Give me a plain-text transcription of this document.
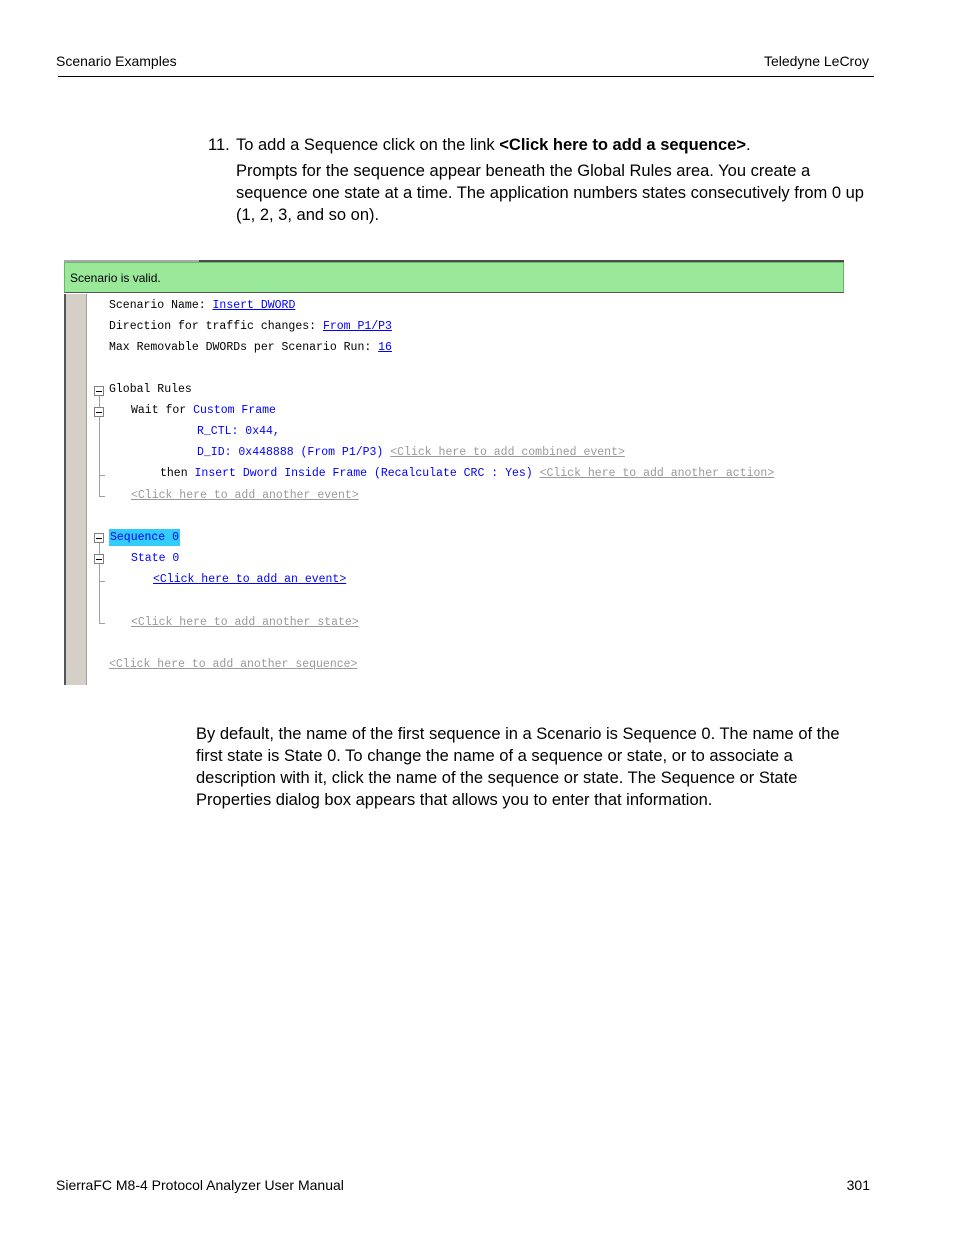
Scenario Examples	Teledyne LeCroy
11. To add a Sequence click on the link <Click here to add a sequence>.

Prompts for the sequence appear beneath the Global Rules area. You create a sequence one state at a time. The application numbers states consecutively from 0 up (1, 2, 3, and so on).

Scenario is valid.
Scenario Name: Insert DWORD
Direction for traffic changes: From P1/P3
Max Removable DWORDs per Scenario Run: 16
Global Rules
Wait for Custom Frame
R_CTL: 0x44,
D_ID: 0x448888 (From P1/P3) <Click here to add combined event>
then Insert Dword Inside Frame (Recalculate CRC : Yes) <Click here to add another action>
<Click here to add another event>
Sequence 0
State 0
<Click here to add an event>
<Click here to add another state>
<Click here to add another sequence>
By default, the name of the first sequence in a Scenario is Sequence 0. The name of the first state is State 0. To change the name of a sequence or state, or to associate a description with it, click the name of the sequence or state. The Sequence or State Properties dialog box appears that allows you to enter that information.
SierraFC M8-4 Protocol Analyzer User Manual	301
